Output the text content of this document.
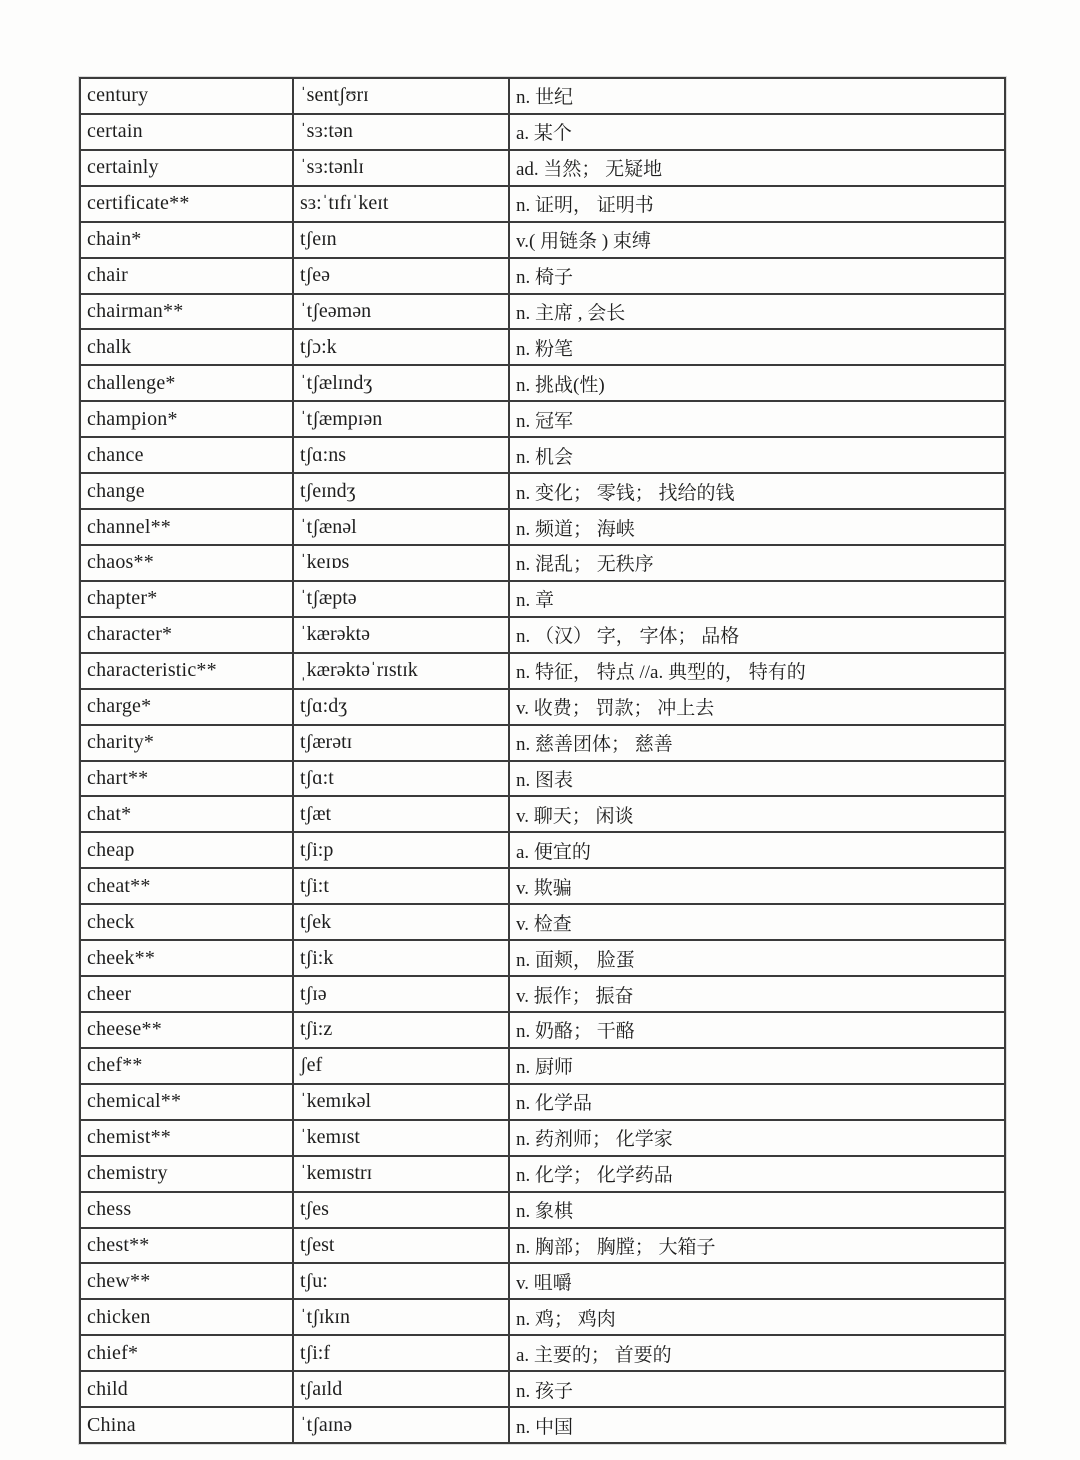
century	ˈsentʃʊrɪ	n. 世纪
certain	ˈsɜ:tən	a. 某个
certainly	ˈsɜ:tənlɪ	ad. 当然； 无疑地
certificate**	sɜ:ˈtɪfɪˈkeɪt	n. 证明， 证明书
chain*	tʃeɪn	v.( 用链条 ) 束缚
chair	tʃeə	n. 椅子
chairman**	ˈtʃeəmən	n. 主席 , 会长
chalk	tʃɔ:k	n. 粉笔
challenge*	ˈtʃælɪndʒ	n. 挑战(性)
champion*	ˈtʃæmpɪən	n. 冠军
chance	tʃɑ:ns	n. 机会
change	tʃeɪndʒ	n. 变化； 零钱； 找给的钱
channel**	ˈtʃænəl	n. 频道； 海峡
chaos**	ˈkeɪɒs	n. 混乱； 无秩序
chapter*	ˈtʃæptə	n. 章
character*	ˈkærəktə	n. （汉） 字， 字体； 品格
characteristic**	ˌkærəktəˈrɪstɪk	n. 特征， 特点 //a. 典型的， 特有的
charge*	tʃɑ:dʒ	v. 收费； 罚款； 冲上去
charity*	tʃærətɪ	n. 慈善团体； 慈善
chart**	tʃɑ:t	n. 图表
chat*	tʃæt	v. 聊天； 闲谈
cheap	tʃi:p	a. 便宜的
cheat**	tʃi:t	v. 欺骗
check	tʃek	v. 检查
cheek**	tʃi:k	n. 面颊， 脸蛋
cheer	tʃɪə	v. 振作； 振奋
cheese**	tʃi:z	n. 奶酪； 干酪
chef**	ʃef	n. 厨师
chemical**	ˈkemɪkəl	n. 化学品
chemist**	ˈkemɪst	n. 药剂师； 化学家
chemistry	ˈkemɪstrɪ	n. 化学； 化学药品
chess	tʃes	n. 象棋
chest**	tʃest	n. 胸部； 胸膛； 大箱子
chew**	tʃu:	v. 咀嚼
chicken	ˈtʃɪkɪn	n. 鸡； 鸡肉
chief*	tʃi:f	a. 主要的； 首要的
child	tʃaɪld	n. 孩子
China	ˈtʃaɪnə	n. 中国
